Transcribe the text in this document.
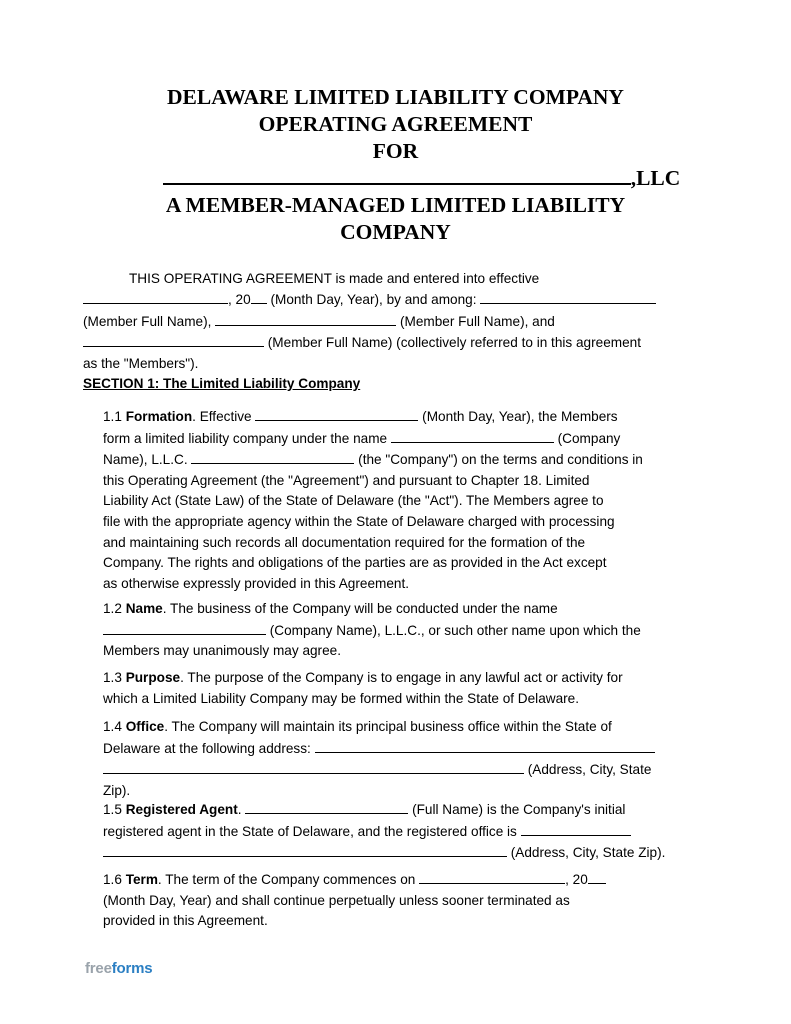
DELAWARE LIMITED LIABILITY COMPANY
OPERATING AGREEMENT
FOR
,LLC
A MEMBER-MANAGED LIMITED LIABILITY
COMPANY
THIS OPERATING AGREEMENT is made and entered into effective
, 20 (Month Day, Year), by and among:
(Member Full Name),	(Member Full Name), and
(Member Full Name) (collectively referred to in this agreement
as the "Members").
SECTION 1: The Limited Liability Company
1.1 Formation. Effective	(Month Day, Year), the Members
form a limited liability company under the name	(Company
Name), L.L.C.	(the "Company") on the terms and conditions in
this Operating Agreement (the "Agreement") and pursuant to Chapter 18. Limited
Liability Act (State Law) of the State of Delaware (the "Act"). The Members agree to
file with the appropriate agency within the State of Delaware charged with processing
and maintaining such records all documentation required for the formation of the
Company. The rights and obligations of the parties are as provided in the Act except
as otherwise expressly provided in this Agreement.
1.2 Name. The business of the Company will be conducted under the name
(Company Name), L.L.C., or such other name upon which the
Members may unanimously may agree.
1.3 Purpose. The purpose of the Company is to engage in any lawful act or activity for
which a Limited Liability Company may be formed within the State of Delaware.
1.4 Office. The Company will maintain its principal business office within the State of
Delaware at the following address:
(Address, City, State
Zip).
1.5 Registered Agent.	(Full Name) is the Company's initial
registered agent in the State of Delaware, and the registered office is
(Address, City, State Zip).
1.6 Term. The term of the Company commences on	, 20
(Month Day, Year) and shall continue perpetually unless sooner terminated as
provided in this Agreement.
freeforms
